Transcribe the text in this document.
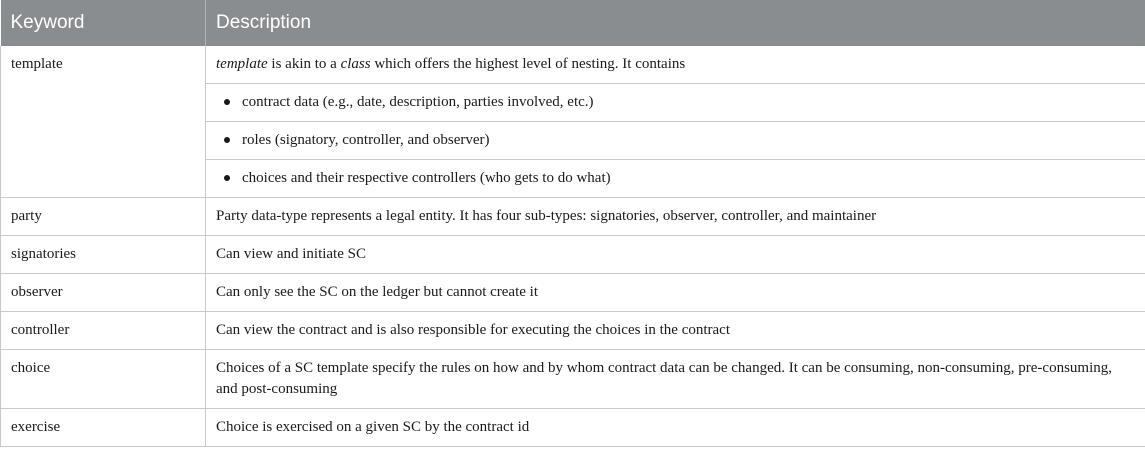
Keyword	Description
template	template is akin to a class which offers the highest level of nesting. It contains
contract data (e.g., date, description, parties involved, etc.)
roles (signatory, controller, and observer)
choices and their respective controllers (who gets to do what)

party	Party data-type represents a legal entity. It has four sub-types: signatories, observer, controller, and maintainer
signatories	Can view and initiate SC
observer	Can only see the SC on the ledger but cannot create it
controller	Can view the contract and is also responsible for executing the choices in the contract
choice	Choices of a SC template specify the rules on how and by whom contract data can be changed. It can be consuming, non-consuming, pre-consuming, and post-consuming
exercise	Choice is exercised on a given SC by the contract id
